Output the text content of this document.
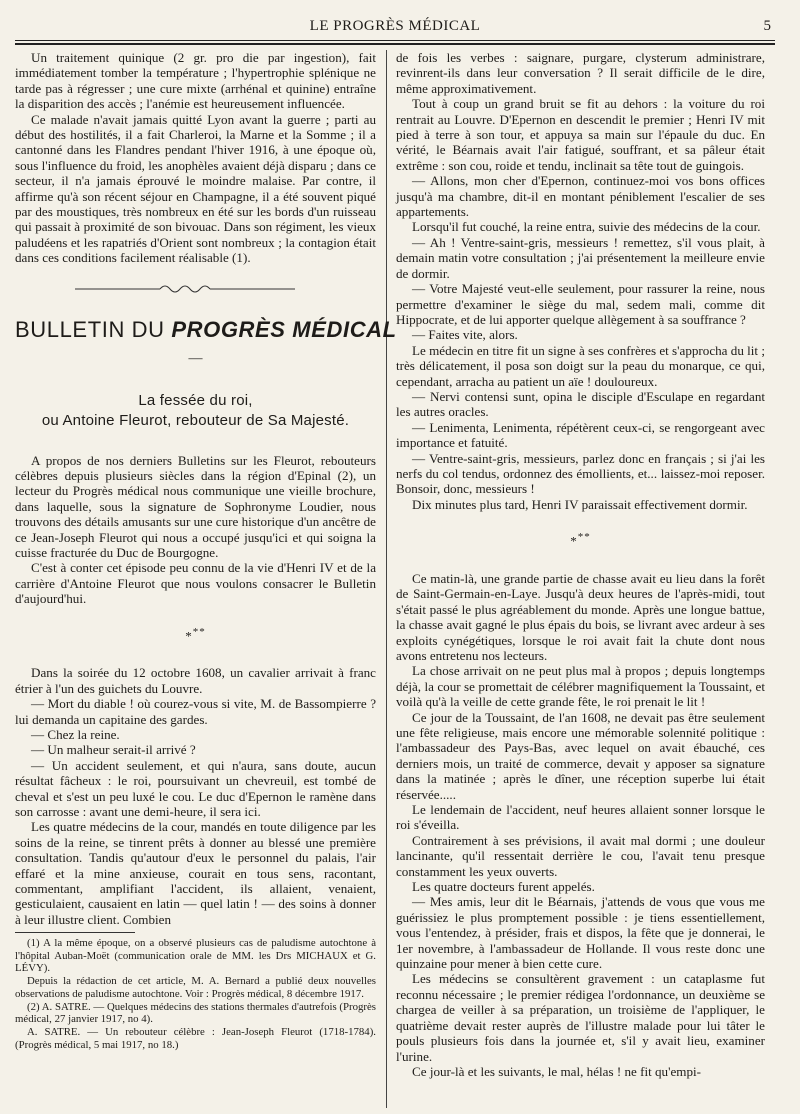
LE PROGRÈS MÉDICAL	5

Un traitement quinique (2 gr. pro die par ingestion), fait immédiatement tomber la température ; l'hypertrophie splénique ne tarde pas à régresser ; une cure mixte (arrhénal et quinine) entraîne la disparition des accès ; l'anémie est heureusement influencée.

Ce malade n'avait jamais quitté Lyon avant la guerre ; parti au début des hostilités, il a fait Charleroi, la Marne et la Somme ; il a cantonné dans les Flandres pendant l'hiver 1916, à une époque où, sous l'influence du froid, les anophèles avaient déjà disparu ; dans ce secteur, il n'a jamais éprouvé le moindre malaise. Par contre, il affirme qu'à son récent séjour en Champagne, il a été souvent piqué par des moustiques, très nombreux en été sur les bords d'un ruisseau qui passait à proximité de son bivouac. Dans son régiment, les vieux paludéens et les rapatriés d'Orient sont nombreux ; la contagion était dans ces conditions facilement réalisable (1).

BULLETIN DU PROGRÈS MÉDICAL
—
La fessée du roi,
ou Antoine Fleurot, rebouteur de Sa Majesté.

A propos de nos derniers Bulletins sur les Fleurot, rebouteurs célèbres depuis plusieurs siècles dans la région d'Epinal (2), un lecteur du Progrès médical nous communique une vieille brochure, dans laquelle, sous la signature de Sophronyme Loudier, nous trouvons des détails amusants sur une cure historique d'un ancêtre de ce Jean-Joseph Fleurot qui nous a occupé jusqu'ici et qui soigna la cuisse fracturée du Duc de Bourgogne.

C'est à conter cet épisode peu connu de la vie d'Henri IV et de la carrière d'Antoine Fleurot que nous voulons consacrer le Bulletin d'aujourd'hui.

***

Dans la soirée du 12 octobre 1608, un cavalier arrivait à franc étrier à l'un des guichets du Louvre.

— Mort du diable ! où courez-vous si vite, M. de Bassompierre ? lui demanda un capitaine des gardes.

— Chez la reine.

— Un malheur serait-il arrivé ?

— Un accident seulement, et qui n'aura, sans doute, aucun résultat fâcheux : le roi, poursuivant un chevreuil, est tombé de cheval et s'est un peu luxé le cou. Le duc d'Epernon le ramène dans son carrosse : avant une demi-heure, il sera ici.

Les quatre médecins de la cour, mandés en toute diligence par les soins de la reine, se tinrent prêts à donner au blessé une première consultation. Tandis qu'autour d'eux le personnel du palais, l'air effaré et la mine anxieuse, courait en tous sens, racontant, commentant, amplifiant l'accident, ils allaient, venaient, gesticulaient, causaient en latin — quel latin ! — des soins à donner à leur illustre client. Combien

(1) A la même époque, on a observé plusieurs cas de paludisme autochtone à l'hôpital Auban-Moët (communication orale de MM. les Drs MICHAUX et G. LÉVY).

Depuis la rédaction de cet article, M. A. Bernard a publié deux nouvelles observations de paludisme autochtone. Voir : Progrès médical, 8 décembre 1917.

(2) A. SATRE. — Quelques médecins des stations thermales d'autrefois (Progrès médical, 27 janvier 1917, no 4).

A. SATRE. — Un rebouteur célèbre : Jean-Joseph Fleurot (1718-1784). (Progrès médical, 5 mai 1917, no 18.)

de fois les verbes : saignare, purgare, clysterum administrare, revinrent-ils dans leur conversation ? Il serait difficile de le dire, même approximativement.

Tout à coup un grand bruit se fit au dehors : la voiture du roi rentrait au Louvre. D'Epernon en descendit le premier ; Henri IV mit pied à terre à son tour, et appuya sa main sur l'épaule du duc. En vérité, le Béarnais avait l'air fatigué, souffrant, et sa pâleur était extrême : son cou, roide et tendu, inclinait sa tête tout de guingois.

— Allons, mon cher d'Epernon, continuez-moi vos bons offices jusqu'à ma chambre, dit-il en montant péniblement l'escalier de ses appartements.

Lorsqu'il fut couché, la reine entra, suivie des médecins de la cour.

— Ah ! Ventre-saint-gris, messieurs ! remettez, s'il vous plait, à demain matin votre consultation ; j'ai présentement la meilleure envie de dormir.

— Votre Majesté veut-elle seulement, pour rassurer la reine, nous permettre d'examiner le siège du mal, sedem mali, comme dit Hippocrate, et de lui apporter quelque allègement à sa souffrance ?

— Faites vite, alors.

Le médecin en titre fit un signe à ses confrères et s'approcha du lit ; très délicatement, il posa son doigt sur la peau du monarque, ce qui, cependant, arracha au patient un aïe ! douloureux.

— Nervi contensi sunt, opina le disciple d'Esculape en regardant les autres oracles.

— Lenimenta, Lenimenta, répétèrent ceux-ci, se rengorgeant avec importance et fatuité.

— Ventre-saint-gris, messieurs, parlez donc en français ; si j'ai les nerfs du col tendus, ordonnez des émollients, et... laissez-moi reposer. Bonsoir, donc, messieurs !

Dix minutes plus tard, Henri IV paraissait effectivement dormir.

***

Ce matin-là, une grande partie de chasse avait eu lieu dans la forêt de Saint-Germain-en-Laye. Jusqu'à deux heures de l'après-midi, tout s'était passé le plus agréablement du monde. Après une longue battue, la chasse avait gagné le plus épais du bois, se livrant avec ardeur à ses exploits cynégétiques, lorsque le roi avait fait la chute dont nous avons entretenu nos lecteurs.

La chose arrivait on ne peut plus mal à propos ; depuis longtemps déjà, la cour se promettait de célébrer magnifiquement la Toussaint, et voilà qu'à la veille de cette grande fête, le roi prenait le lit !

Ce jour de la Toussaint, de l'an 1608, ne devait pas être seulement une fête religieuse, mais encore une mémorable solennité politique : l'ambassadeur des Pays-Bas, avec lequel on avait ébauché, ces derniers mois, un traité de commerce, devait y apposer sa signature dans la matinée ; après le dîner, une réception superbe lui était réservée.....

Le lendemain de l'accident, neuf heures allaient sonner lorsque le roi s'éveilla.

Contrairement à ses prévisions, il avait mal dormi ; une douleur lancinante, qu'il ressentait derrière le cou, l'avait tenu presque constamment les yeux ouverts.

Les quatre docteurs furent appelés.

— Mes amis, leur dit le Béarnais, j'attends de vous que vous me guérissiez le plus promptement possible : je tiens essentiellement, vous l'entendez, à présider, frais et dispos, la fête que je donnerai, le 1er novembre, à l'ambassadeur de Hollande. Il vous reste donc une quinzaine pour mener à bien cette cure.

Les médecins se consultèrent gravement : un cataplasme fut reconnu nécessaire ; le premier rédigea l'ordonnance, un deuxième se chargea de veiller à sa préparation, un troisième de l'appliquer, le quatrième devait rester auprès de l'illustre malade pour lui tâter le pouls plusieurs fois dans la journée et, s'il y avait lieu, examiner l'urine.

Ce jour-là et les suivants, le mal, hélas ! ne fit qu'empi-
